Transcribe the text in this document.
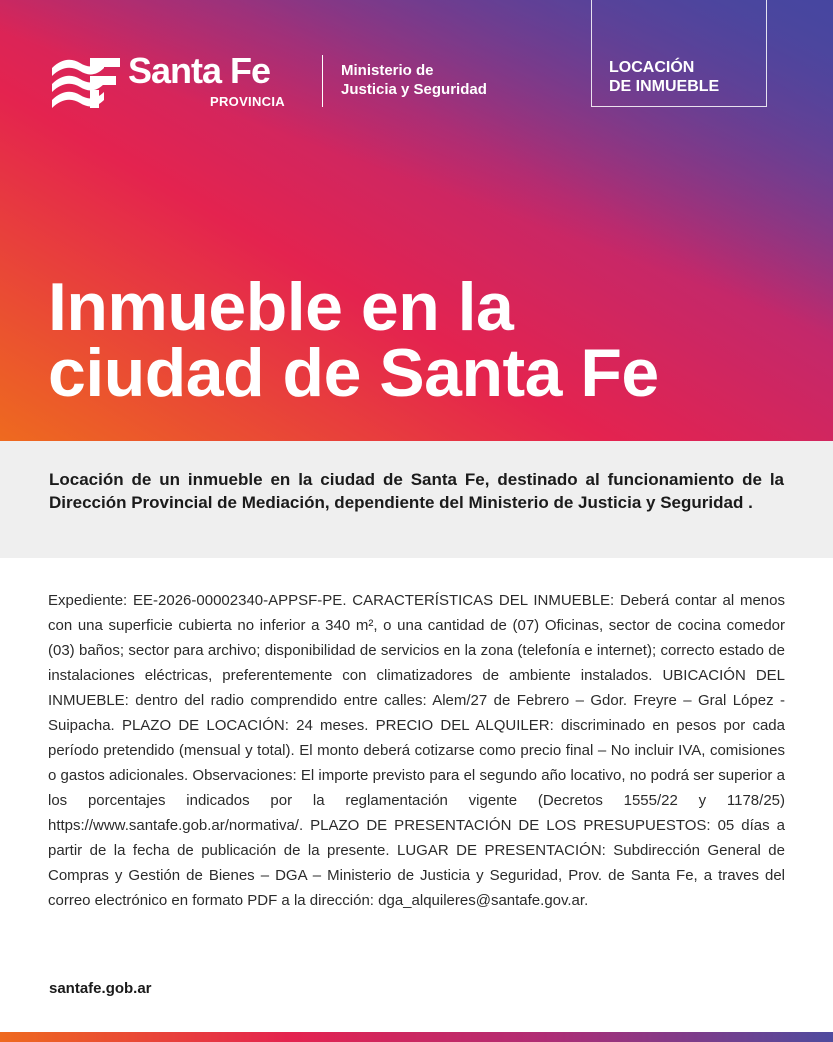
Santa Fe
PROVINCIA
Ministerio de
Justicia y Seguridad
LOCACIÓN
DE INMUEBLE
Inmueble en la
ciudad de Santa Fe

Locación de un inmueble en la ciudad de Santa Fe, destinado al funcionamiento de la Dirección Provincial de Mediación, dependiente del Ministerio de Justicia y Seguridad .

Expediente: EE-2026-00002340-APPSF-PE. CARACTERÍSTICAS DEL INMUEBLE: Deberá contar al menos con una superficie cubierta no inferior a 340 m², o una cantidad de (07) Oficinas, sector de cocina comedor (03) baños; sector para archivo; disponibilidad de servicios en la zona (telefonía e internet); correcto estado de instalaciones eléctricas, preferentemente con climatizadores de ambiente instalados. UBICACIÓN DEL INMUEBLE: dentro del radio comprendido entre calles: Alem/27 de Febrero – Gdor. Freyre – Gral López - Suipacha. PLAZO DE LOCACIÓN: 24 meses. PRECIO DEL ALQUILER: discriminado en pesos por cada período pretendido (mensual y total). El monto deberá cotizarse como precio final – No incluir IVA, comisiones o gastos adicionales. Observaciones: El importe previsto para el segundo año locativo, no podrá ser superior a los porcentajes indicados por la reglamentación vigente (Decretos 1555/22 y 1178/25) https://www.santafe.gob.ar/normativa/. PLAZO DE PRESENTACIÓN DE LOS PRESUPUESTOS: 05 días a partir de la fecha de publicación de la presente. LUGAR DE PRESENTACIÓN: Subdirección General de Compras y Gestión de Bienes – DGA – Ministerio de Justicia y Seguridad, Prov. de Santa Fe, a traves del correo electrónico en formato PDF a la dirección: dga_alquileres@santafe.gov.ar.

santafe.gob.ar
